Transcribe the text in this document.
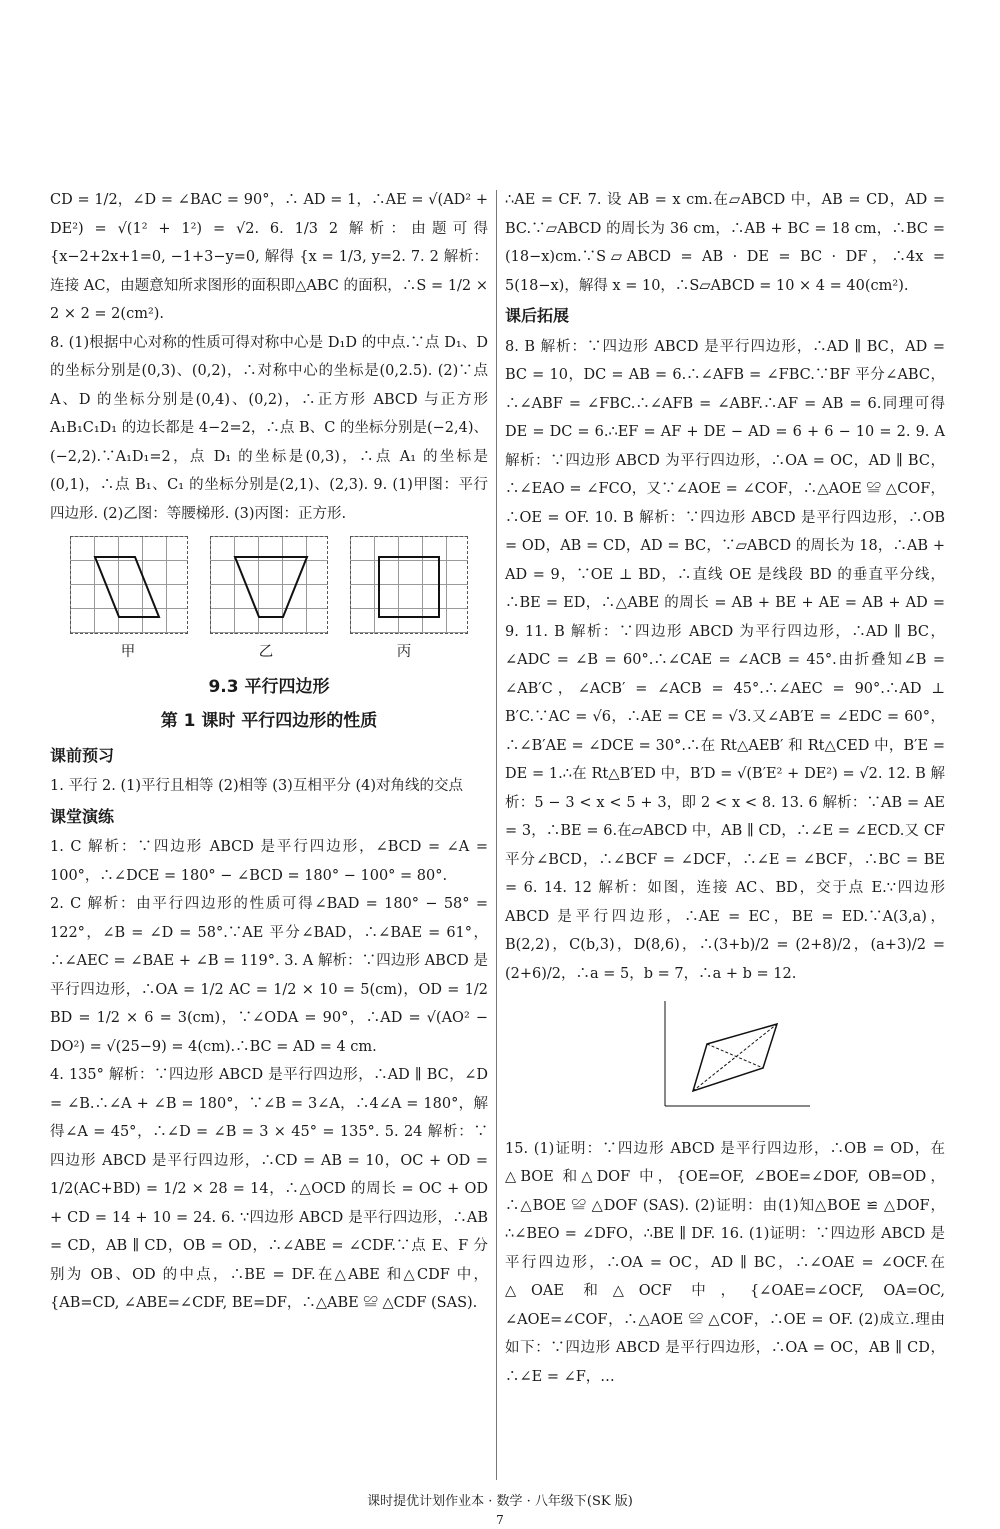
CD = 1/2，∠D = ∠BAC = 90°，∴ AD = 1，∴AE = √(AD² + DE²) = √(1² + 1²) = √2. 6. 1/3 2 解析：由题可得 {x−2+2x+1=0, −1+3−y=0, 解得 {x = 1/3, y=2. 7. 2 解析：连接 AC，由题意知所求图形的面积即△ABC 的面积，∴S = 1/2 × 2 × 2 = 2(cm²).

8. (1)根据中心对称的性质可得对称中心是 D₁D 的中点.∵点 D₁、D 的坐标分别是(0,3)、(0,2)，∴对称中心的坐标是(0,2.5). (2)∵点 A、D 的坐标分别是(0,4)、(0,2)，∴正方形 ABCD 与正方形 A₁B₁C₁D₁ 的边长都是 4−2=2，∴点 B、C 的坐标分别是(−2,4)、(−2,2).∵A₁D₁=2，点 D₁ 的坐标是(0,3)，∴点 A₁ 的坐标是(0,1)，∴点 B₁、C₁ 的坐标分别是(2,1)、(2,3). 9. (1)甲图：平行四边形. (2)乙图：等腰梯形. (3)丙图：正方形.

甲	乙	丙

9.3 平行四边形

第 1 课时 平行四边形的性质

课前预习

1. 平行 2. (1)平行且相等 (2)相等 (3)互相平分 (4)对角线的交点

课堂演练

1. C 解析：∵四边形 ABCD 是平行四边形，∠BCD = ∠A = 100°，∴∠DCE = 180° − ∠BCD = 180° − 100° = 80°.

2. C 解析：由平行四边形的性质可得∠BAD = 180° − 58° = 122°，∠B = ∠D = 58°.∵AE 平分∠BAD，∴∠BAE = 61°，∴∠AEC = ∠BAE + ∠B = 119°. 3. A 解析：∵四边形 ABCD 是平行四边形，∴OA = 1/2 AC = 1/2 × 10 = 5(cm)，OD = 1/2 BD = 1/2 × 6 = 3(cm)，∵∠ODA = 90°，∴AD = √(AO² − DO²) = √(25−9) = 4(cm).∴BC = AD = 4 cm.

4. 135° 解析：∵四边形 ABCD 是平行四边形，∴AD ∥ BC，∠D = ∠B.∴∠A + ∠B = 180°，∵∠B = 3∠A，∴4∠A = 180°，解得∠A = 45°，∴∠D = ∠B = 3 × 45° = 135°. 5. 24 解析：∵四边形 ABCD 是平行四边形，∴CD = AB = 10，OC + OD = 1/2(AC+BD) = 1/2 × 28 = 14，∴△OCD 的周长 = OC + OD + CD = 14 + 10 = 24. 6. ∵四边形 ABCD 是平行四边形，∴AB = CD，AB ∥ CD，OB = OD，∴∠ABE = ∠CDF.∵点 E、F 分别为 OB、OD 的中点，∴BE = DF.在△ABE 和△CDF 中，{AB=CD, ∠ABE=∠CDF, BE=DF，∴△ABE ≌ △CDF (SAS).

∴AE = CF. 7. 设 AB = x cm.在▱ABCD 中，AB = CD，AD = BC.∵▱ABCD 的周长为 36 cm，∴AB + BC = 18 cm，∴BC = (18−x)cm.∵S▱ABCD = AB · DE = BC · DF，∴4x = 5(18−x)，解得 x = 10，∴S▱ABCD = 10 × 4 = 40(cm²).

课后拓展

8. B 解析：∵四边形 ABCD 是平行四边形，∴AD ∥ BC，AD = BC = 10，DC = AB = 6.∴∠AFB = ∠FBC.∵BF 平分∠ABC，∴∠ABF = ∠FBC.∴∠AFB = ∠ABF.∴AF = AB = 6.同理可得 DE = DC = 6.∴EF = AF + DE − AD = 6 + 6 − 10 = 2. 9. A 解析：∵四边形 ABCD 为平行四边形，∴OA = OC，AD ∥ BC，∴∠EAO = ∠FCO，又∵∠AOE = ∠COF，∴△AOE ≌ △COF，∴OE = OF. 10. B 解析：∵四边形 ABCD 是平行四边形，∴OB = OD，AB = CD，AD = BC，∵▱ABCD 的周长为 18，∴AB + AD = 9，∵OE ⊥ BD，∴直线 OE 是线段 BD 的垂直平分线，∴BE = ED，∴△ABE 的周长 = AB + BE + AE = AB + AD = 9. 11. B 解析：∵四边形 ABCD 为平行四边形，∴AD ∥ BC，∠ADC = ∠B = 60°.∴∠CAE = ∠ACB = 45°.由折叠知∠B = ∠AB′C，∠ACB′ = ∠ACB = 45°.∴∠AEC = 90°.∴AD ⊥ B′C.∵AC = √6，∴AE = CE = √3.又∠AB′E = ∠EDC = 60°，∴∠B′AE = ∠DCE = 30°.∴在 Rt△AEB′ 和 Rt△CED 中，B′E = DE = 1.∴在 Rt△B′ED 中，B′D = √(B′E² + DE²) = √2. 12. B 解析：5 − 3 < x < 5 + 3，即 2 < x < 8. 13. 6 解析：∵AB = AE = 3，∴BE = 6.在▱ABCD 中，AB ∥ CD，∴∠E = ∠ECD.又 CF 平分∠BCD，∴∠BCF = ∠DCF，∴∠E = ∠BCF，∴BC = BE = 6. 14. 12 解析：如图，连接 AC、BD，交于点 E.∵四边形 ABCD 是平行四边形，∴AE = EC，BE = ED.∵A(3,a)，B(2,2)，C(b,3)，D(8,6)，∴(3+b)/2 = (2+8)/2，(a+3)/2 = (2+6)/2，∴a = 5，b = 7，∴a + b = 12.

15. (1)证明：∵四边形 ABCD 是平行四边形，∴OB = OD，在△BOE 和△DOF 中，{OE=OF, ∠BOE=∠DOF, OB=OD，∴△BOE ≌ △DOF (SAS). (2)证明：由(1)知△BOE ≌ △DOF，∴∠BEO = ∠DFO，∴BE ∥ DF. 16. (1)证明：∵四边形 ABCD 是平行四边形，∴OA = OC，AD ∥ BC，∴∠OAE = ∠OCF.在△OAE 和△OCF 中，{∠OAE=∠OCF, OA=OC, ∠AOE=∠COF，∴△AOE ≌ △COF，∴OE = OF. (2)成立.理由如下：∵四边形 ABCD 是平行四边形，∴OA = OC，AB ∥ CD，∴∠E = ∠F，…

课时提优计划作业本 · 数学 · 八年级下(SK 版)
7
